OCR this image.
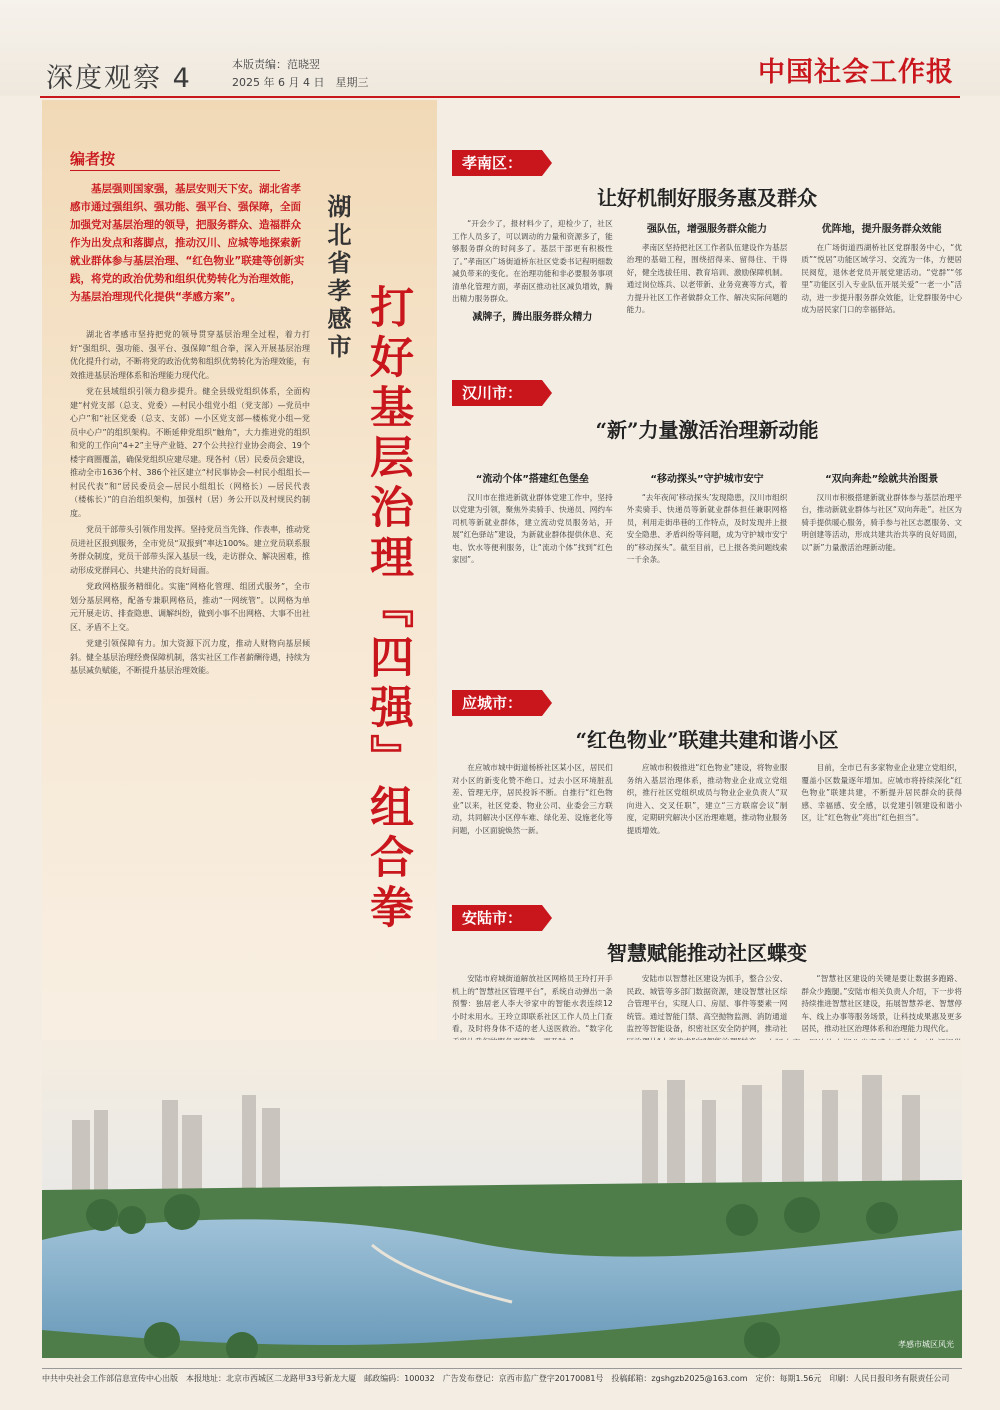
深度观察 4	本版责编：范晓翌
2025 年 6 月 4 日　星期三	中国社会工作报
编者按
基层强则国家强，基层安则天下安。湖北省孝感市通过强组织、强功能、强平台、强保障，全面加强党对基层治理的领导，把服务群众、造福群众作为出发点和落脚点，推动汉川、应城等地探索新就业群体参与基层治理、“红色物业”联建等创新实践，将党的政治优势和组织优势转化为治理效能，为基层治理现代化提供“孝感方案”。

湖北省孝感市坚持把党的领导贯穿基层治理全过程，着力打好“强组织、强功能、强平台、强保障”组合拳，深入开展基层治理优化提升行动，不断将党的政治优势和组织优势转化为治理效能，有效推进基层治理体系和治理能力现代化。

党在县域组织引领力稳步提升。健全县级党组织体系，全面构建“村党支部（总支、党委）—村民小组党小组（党支部）—党员中心户”和“社区党委（总支、支部）—小区党支部—楼栋党小组—党员中心户”的组织架构。不断延伸党组织“触角”，大力推进党的组织和党的工作向“4+2”主导产业链、27个公共拉行业协会商会、19个楼宇商圈覆盖，确保党组织应建尽建。现各村（居）民委员会建设，推动全市1636个村、386个社区建立“村民事协会—村民小组组长—村民代表”和“居民委员会—居民小组组长（网格长）—居民代表（楼栋长）”的自治组织架构，加强村（居）务公开以及村规民约制度。

党员干部带头引领作用发挥。坚持党员当先锋、作表率，推动党员进社区报到服务，全市党员“双报到”率达100%。建立党员联系服务群众制度，党员干部带头深入基层一线，走访群众、解决困难，推动形成党群同心、共建共治的良好局面。

党政网格服务精细化。实施“网格化管理、组团式服务”，全市划分基层网格，配备专兼职网格员，推动“一网统管”。以网格为单元开展走访、排查隐患、调解纠纷，做到小事不出网格、大事不出社区、矛盾不上交。

党建引领保障有力。加大资源下沉力度，推动人财物向基层倾斜。健全基层治理经费保障机制，落实社区工作者薪酬待遇，持续为基层减负赋能，不断提升基层治理效能。

湖北省孝感市
打好基层治理『四强』组合拳
孝南区：
让好机制好服务惠及群众

“开会少了，报材料少了，迎检少了，社区工作人员多了，可以调动的力量和资源多了，能够服务群众的时间多了。基层干部更有积极性了。”孝南区广场街道桥东社区党委书记程明细数减负带来的变化。在治理功能和非必要服务事项清单化管理方面，孝南区推动社区减负增效，腾出精力服务群众。

减牌子，腾出服务群众精力
强队伍，增强服务群众能力

孝南区坚持把社区工作者队伍建设作为基层治理的基础工程，围绕招得来、留得住、干得好，健全选拔任用、教育培训、激励保障机制。通过岗位练兵、以老带新、业务竞赛等方式，着力提升社区工作者做群众工作、解决实际问题的能力。

优阵地，提升服务群众效能

在广场街道西湖桥社区党群服务中心，“优质”“悦居”功能区域学习、交流为一体，方便居民阅览，退休老党员开展党建活动。“党群”“邻里”功能区引入专业队伍开展关爱“一老一小”活动，进一步提升服务群众效能，让党群服务中心成为居民家门口的幸福驿站。

汉川市：
“新”力量激活治理新动能
“流动个体”搭建红色堡垒

汉川市在推进新就业群体党建工作中，坚持以党建为引领，聚焦外卖骑手、快递员、网约车司机等新就业群体，建立流动党员服务站，开展“红色驿站”建设，为新就业群体提供休息、充电、饮水等便利服务，让“流动个体”找到“红色家园”。

“移动探头”守护城市安宁

“去年夜间‘移动探头’发现隐患，汉川市组织外卖骑手、快递员等新就业群体担任兼职网格员，利用走街串巷的工作特点，及时发现并上报安全隐患、矛盾纠纷等问题，成为守护城市安宁的“移动探头”。截至目前，已上报各类问题线索一千余条。

“双向奔赴”绘就共治图景

汉川市积极搭建新就业群体参与基层治理平台，推动新就业群体与社区“双向奔赴”。社区为骑手提供暖心服务，骑手参与社区志愿服务、文明创建等活动，形成共建共治共享的良好局面，以“新”力量激活治理新动能。

应城市：
“红色物业”联建共建和谐小区

在应城市城中街道杨桥社区某小区，居民们对小区的新变化赞不绝口。过去小区环境脏乱差、管理无序，居民投诉不断。自推行“红色物业”以来，社区党委、物业公司、业委会三方联动，共同解决小区停车难、绿化差、设施老化等问题，小区面貌焕然一新。

应城市积极推进“红色物业”建设，将物业服务纳入基层治理体系，推动物业企业成立党组织，推行社区党组织成员与物业企业负责人“双向进入、交叉任职”，建立“三方联席会议”制度，定期研究解决小区治理难题，推动物业服务提质增效。

目前，全市已有多家物业企业建立党组织，覆盖小区数量逐年增加。应城市将持续深化“红色物业”联建共建，不断提升居民群众的获得感、幸福感、安全感，以党建引领建设和谐小区，让“红色物业”亮出“红色担当”。

安陆市：
智慧赋能推动社区蝶变

安陆市府城街道解放社区网格员王玲打开手机上的“智慧社区管理平台”，系统自动弹出一条预警：独居老人李大爷家中的智能水表连续12小时未用水。王玲立即联系社区工作人员上门查看，及时将身体不适的老人送医救治。“数字化

安陆市以智慧社区建设为抓手，整合公安、民政、城管等多部门数据资源，建设智慧社区综合管理平台，实现人口、房屋、事件等要素一网统管。通过智能门禁、高空抛物监测、消防通道监控等智能设备，织密社区安全防护网，推动社

“智慧社区建设的关键是要让数据多跑路、群众少跑腿。”安陆市相关负责人介绍，下一步将持续推进智慧社区建设，拓展智慧养老、智慧停车、线上办事等服务场景，让科技成果惠及更多居民，推动社区治理体系和治理能力现代化。

孝感市城区风光
中共中央社会工作部信息宣传中心出版　本报地址：北京市西城区二龙路甲33号新龙大厦　邮政编码：100032　广告发布登记：京西市监广登字20170081号　投稿邮箱：zgshgzb2025@163.com　定价：每期1.56元　印刷：人民日报印务有限责任公司
